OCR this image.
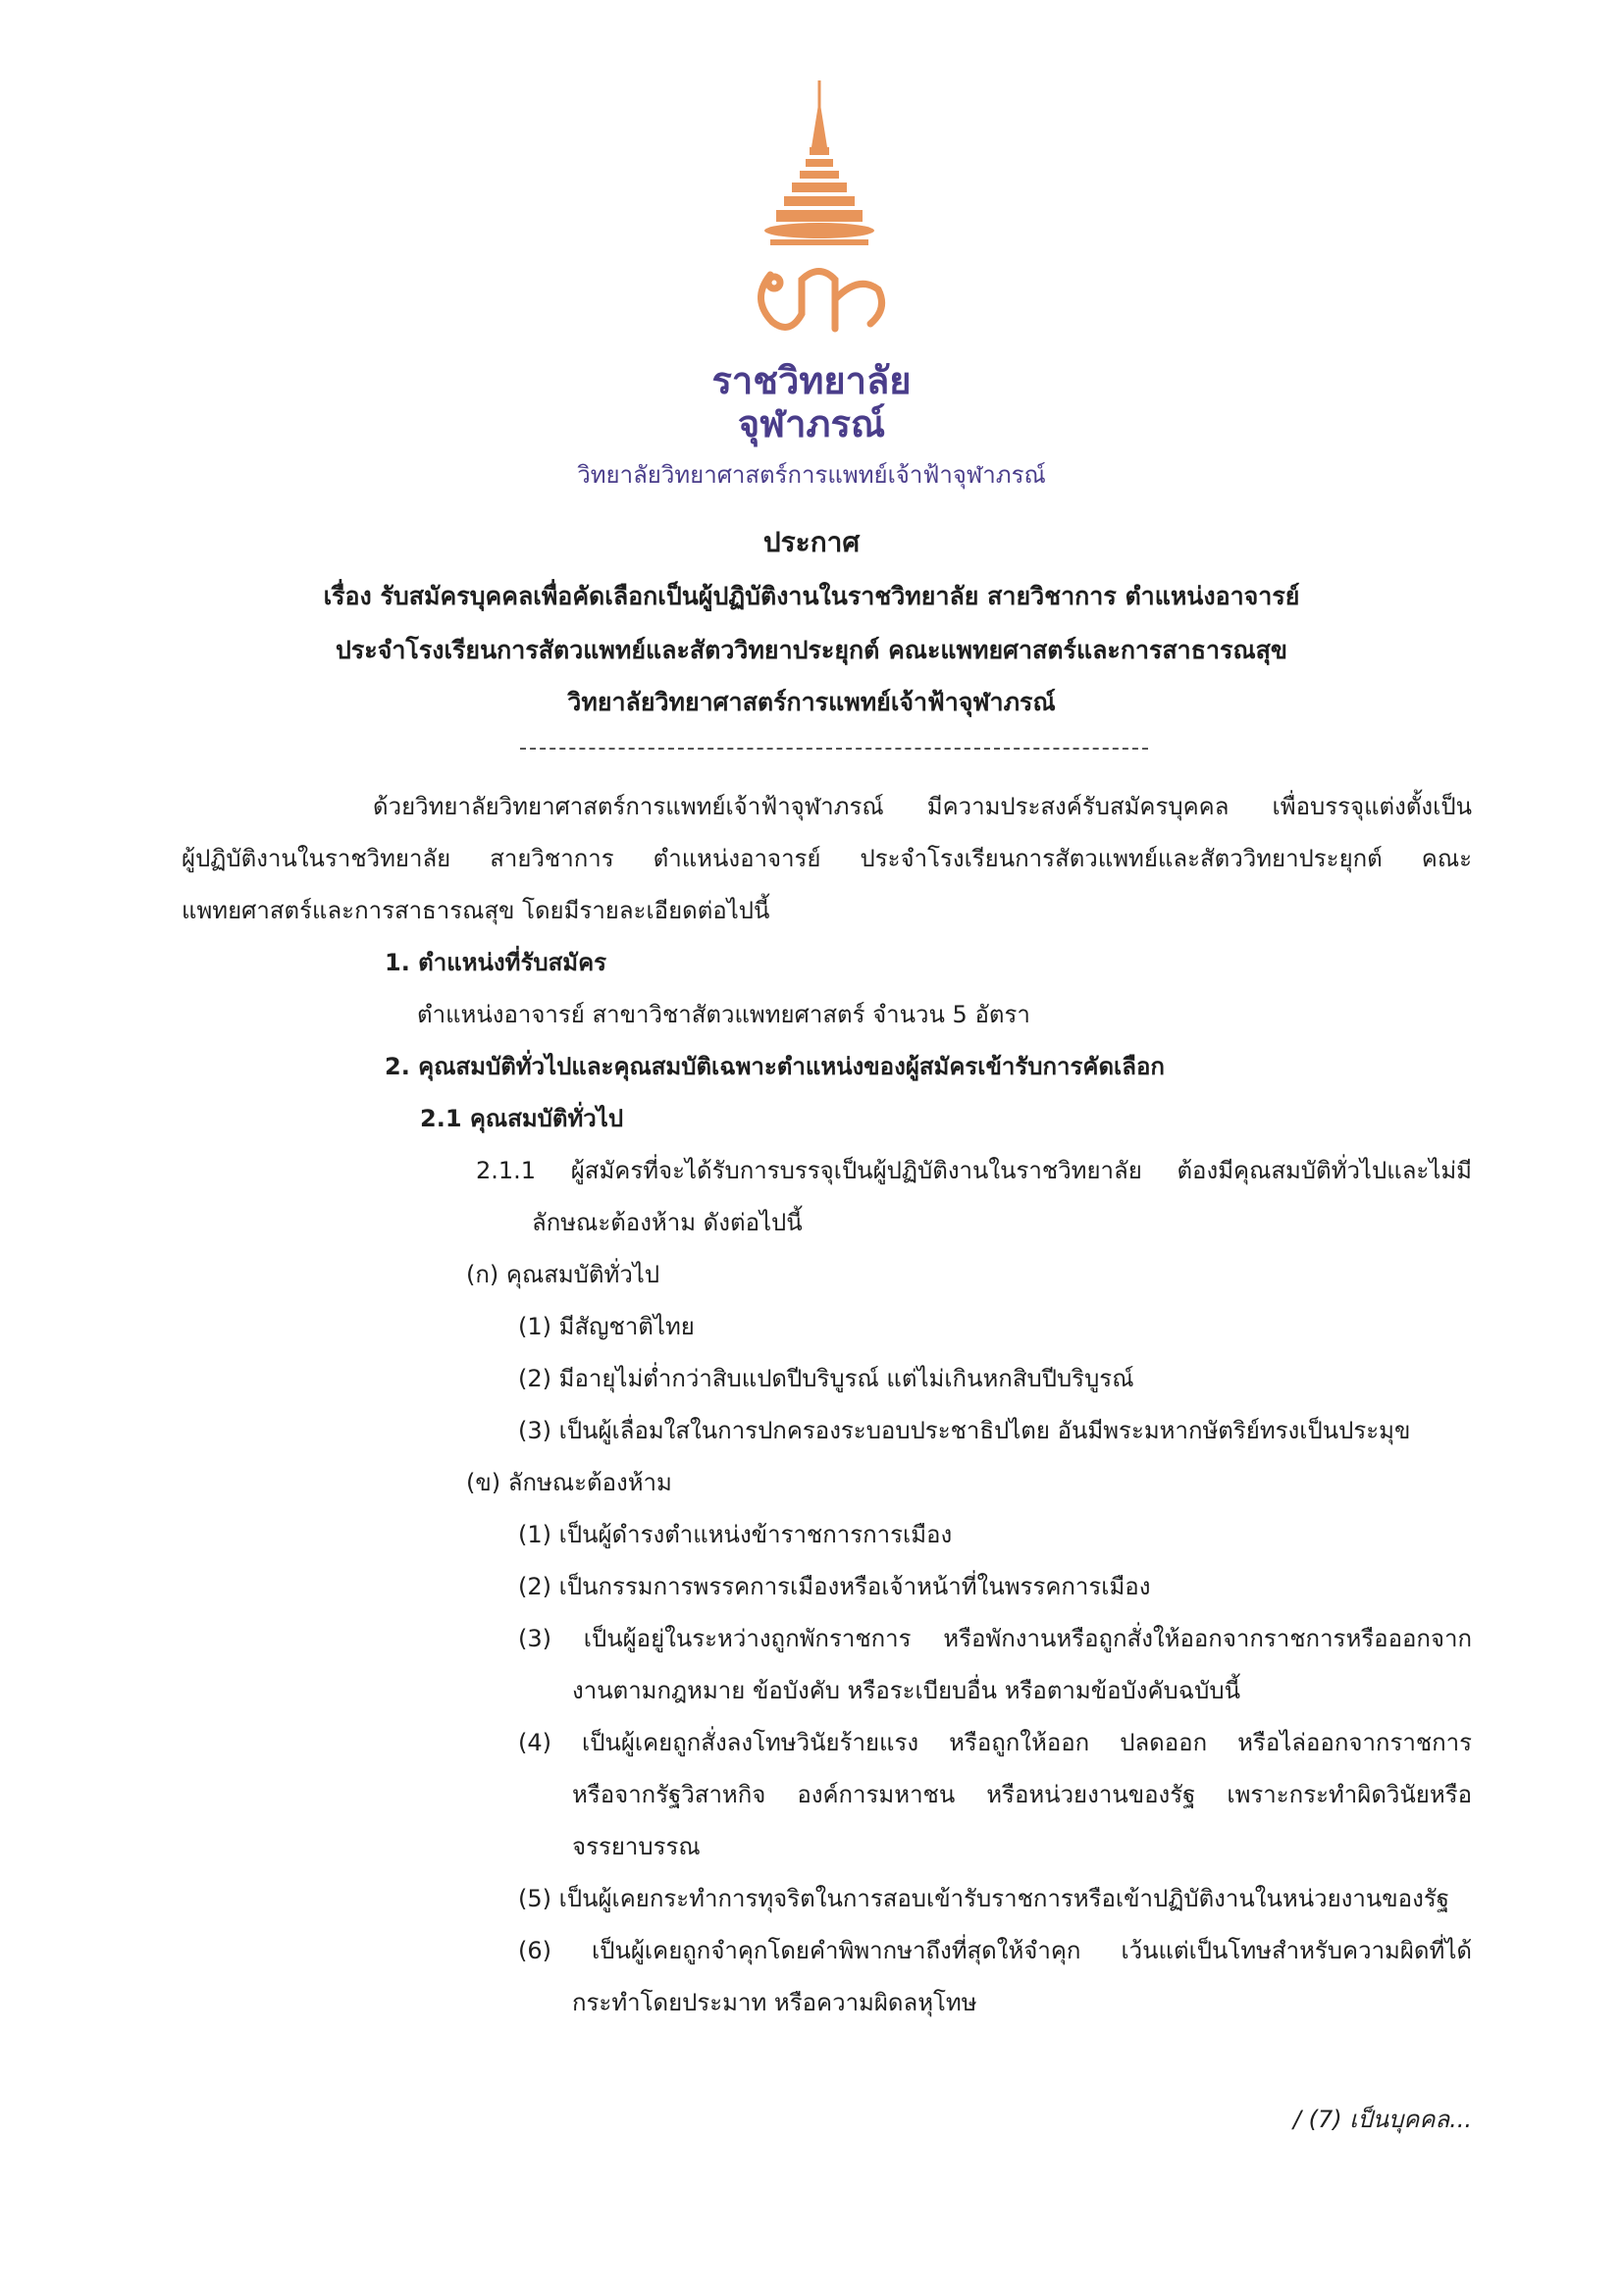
ราชวิทยาลัย
จุฬาภรณ์
วิทยาลัยวิทยาศาสตร์การแพทย์เจ้าฟ้าจุฬาภรณ์
ประกาศ
เรื่อง รับสมัครบุคคลเพื่อคัดเลือกเป็นผู้ปฏิบัติงานในราชวิทยาลัย สายวิชาการ ตำแหน่งอาจารย์
ประจำโรงเรียนการสัตวแพทย์และสัตววิทยาประยุกต์ คณะแพทยศาสตร์และการสาธารณสุข
วิทยาลัยวิทยาศาสตร์การแพทย์เจ้าฟ้าจุฬาภรณ์
ด้วยวิทยาลัยวิทยาศาสตร์การแพทย์เจ้าฟ้าจุฬาภรณ์ มีความประสงค์รับสมัครบุคคล เพื่อบรรจุแต่งตั้งเป็น
ผู้ปฏิบัติงานในราชวิทยาลัย สายวิชาการ ตำแหน่งอาจารย์ ประจำโรงเรียนการสัตวแพทย์และสัตววิทยาประยุกต์ คณะ
แพทยศาสตร์และการสาธารณสุข โดยมีรายละเอียดต่อไปนี้
1. ตำแหน่งที่รับสมัคร
ตำแหน่งอาจารย์ สาขาวิชาสัตวแพทยศาสตร์ จำนวน 5 อัตรา
2. คุณสมบัติทั่วไปและคุณสมบัติเฉพาะตำแหน่งของผู้สมัครเข้ารับการคัดเลือก
2.1 คุณสมบัติทั่วไป
2.1.1 ผู้สมัครที่จะได้รับการบรรจุเป็นผู้ปฏิบัติงานในราชวิทยาลัย ต้องมีคุณสมบัติทั่วไปและไม่มี
ลักษณะต้องห้าม ดังต่อไปนี้
(ก) คุณสมบัติทั่วไป
(1) มีสัญชาติไทย
(2) มีอายุไม่ต่ำกว่าสิบแปดปีบริบูรณ์ แต่ไม่เกินหกสิบปีบริบูรณ์
(3) เป็นผู้เลื่อมใสในการปกครองระบอบประชาธิปไตย อันมีพระมหากษัตริย์ทรงเป็นประมุข
(ข) ลักษณะต้องห้าม
(1) เป็นผู้ดำรงตำแหน่งข้าราชการการเมือง
(2) เป็นกรรมการพรรคการเมืองหรือเจ้าหน้าที่ในพรรคการเมือง
(3) เป็นผู้อยู่ในระหว่างถูกพักราชการ หรือพักงานหรือถูกสั่งให้ออกจากราชการหรือออกจาก
งานตามกฎหมาย ข้อบังคับ หรือระเบียบอื่น หรือตามข้อบังคับฉบับนี้
(4) เป็นผู้เคยถูกสั่งลงโทษวินัยร้ายแรง หรือถูกให้ออก ปลดออก หรือไล่ออกจากราชการ
หรือจากรัฐวิสาหกิจ องค์การมหาชน หรือหน่วยงานของรัฐ เพราะกระทำผิดวินัยหรือ
จรรยาบรรณ
(5) เป็นผู้เคยกระทำการทุจริตในการสอบเข้ารับราชการหรือเข้าปฏิบัติงานในหน่วยงานของรัฐ
(6) เป็นผู้เคยถูกจำคุกโดยคำพิพากษาถึงที่สุดให้จำคุก เว้นแต่เป็นโทษสำหรับความผิดที่ได้
กระทำโดยประมาท หรือความผิดลหุโทษ
/ (7) เป็นบุคคล...
